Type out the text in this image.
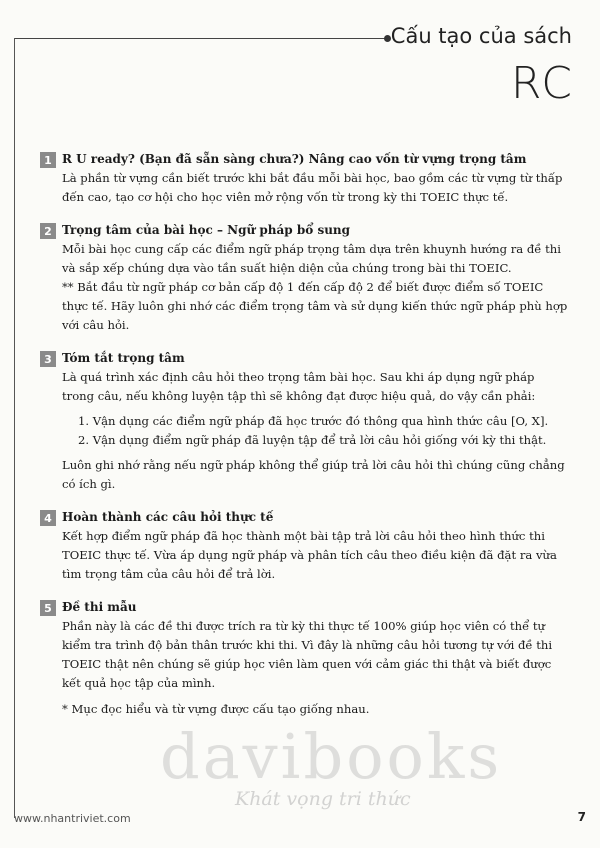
Cấu tạo của sách
RC
1 R U ready? (Bạn đã sẵn sàng chưa?) Nâng cao vốn từ vựng trọng tâm

Là phần từ vựng cần biết trước khi bắt đầu mỗi bài học, bao gồm các từ vựng từ thấp đến cao, tạo cơ hội cho học viên mở rộng vốn từ trong kỳ thi TOEIC thực tế.

2 Trọng tâm của bài học – Ngữ pháp bổ sung

Mỗi bài học cung cấp các điểm ngữ pháp trọng tâm dựa trên khuynh hướng ra đề thi và sắp xếp chúng dựa vào tần suất hiện diện của chúng trong bài thi TOEIC.

** Bắt đầu từ ngữ pháp cơ bản cấp độ 1 đến cấp độ 2 để biết được điểm số TOEIC thực tế. Hãy luôn ghi nhớ các điểm trọng tâm và sử dụng kiến thức ngữ pháp phù hợp với câu hỏi.

3 Tóm tắt trọng tâm

Là quá trình xác định câu hỏi theo trọng tâm bài học. Sau khi áp dụng ngữ pháp trong câu, nếu không luyện tập thì sẽ không đạt được hiệu quả, do vậy cần phải:

1. Vận dụng các điểm ngữ pháp đã học trước đó thông qua hình thức câu [O, X].
2. Vận dụng điểm ngữ pháp đã luyện tập để trả lời câu hỏi giống với kỳ thi thật.

Luôn ghi nhớ rằng nếu ngữ pháp không thể giúp trả lời câu hỏi thì chúng cũng chẳng có ích gì.

4 Hoàn thành các câu hỏi thực tế

Kết hợp điểm ngữ pháp đã học thành một bài tập trả lời câu hỏi theo hình thức thi TOEIC thực tế. Vừa áp dụng ngữ pháp và phân tích câu theo điều kiện đã đặt ra vừa tìm trọng tâm của câu hỏi để trả lời.

5 Đề thi mẫu

Phần này là các đề thi được trích ra từ kỳ thi thực tế 100% giúp học viên có thể tự kiểm tra trình độ bản thân trước khi thi. Vì đây là những câu hỏi tương tự với đề thi TOEIC thật nên chúng sẽ giúp học viên làm quen với cảm giác thi thật và biết được kết quả học tập của mình.

* Mục đọc hiểu và từ vựng được cấu tạo giống nhau.

davibooks
Khát vọng tri thức
www.nhantriviet.com	7
